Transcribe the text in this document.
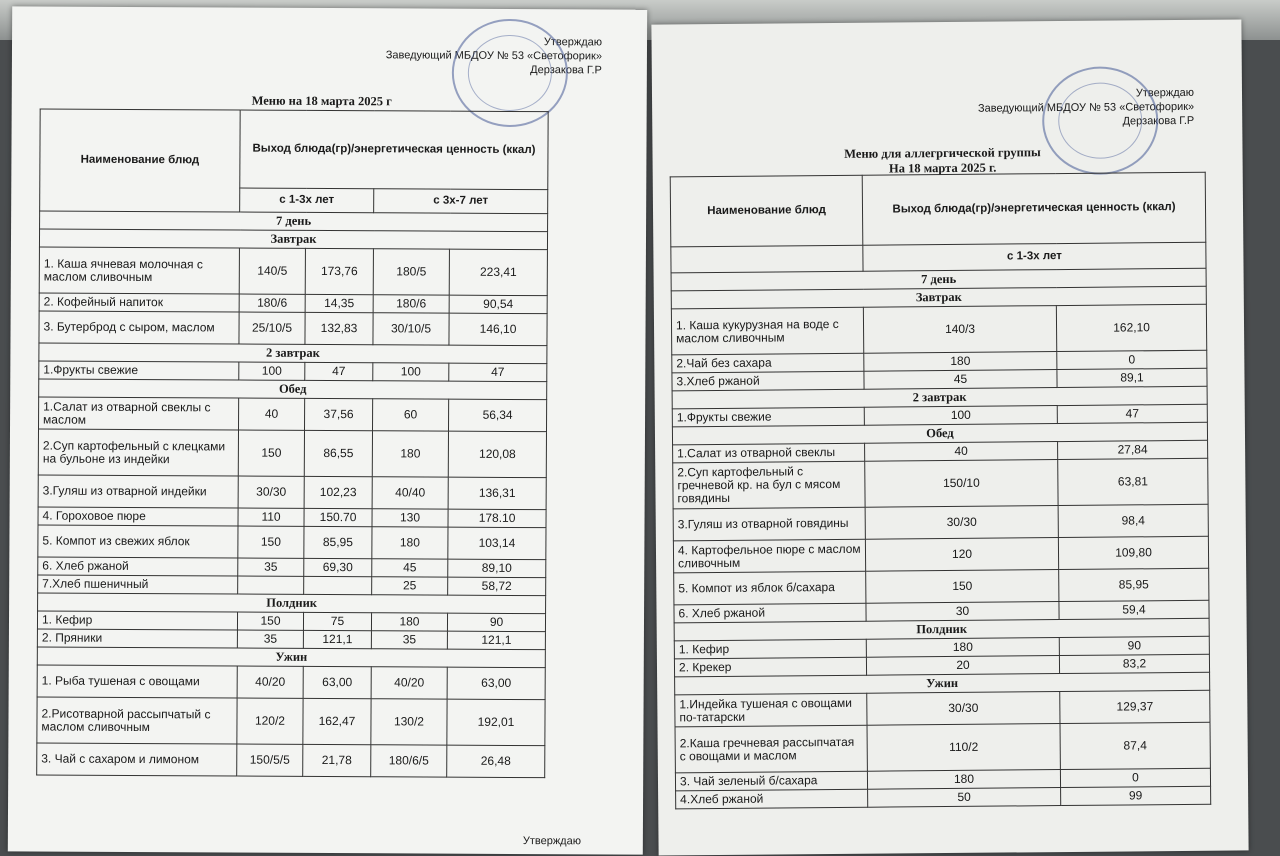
Утверждаю
Заведующий МБДОУ № 53 «Светофорик»
Дерзакова Г.Р
Меню на 18 марта 2025 г
Наименование блюд	Выход блюда(гр)/энергетическая ценность (ккал)			
	с 1-3х лет		с 3х-7 лет	
7 день				
Завтрак				
1. Каша ячневая молочная с маслом сливочным	140/5	173,76	180/5	223,41
2. Кофейный напиток	180/6	14,35	180/6	90,54
3. Бутерброд с сыром, маслом	25/10/5	132,83	30/10/5	146,10
2 завтрак				
1.Фрукты свежие	100	47	100	47
Обед				
1.Салат из отварной свеклы с маслом	40	37,56	60	56,34
2.Суп картофельный с клецками на бульоне из индейки	150	86,55	180	120,08
3.Гуляш из отварной индейки	30/30	102,23	40/40	136,31
4. Гороховое пюре	110	150.70	130	178.10
5. Компот из свежих яблок	150	85,95	180	103,14
6. Хлеб ржаной	35	69,30	45	89,10
7.Хлеб пшеничный			25	58,72
Полдник				
1. Кефир	150	75	180	90
2. Пряники	35	121,1	35	121,1
Ужин				
1. Рыба тушеная с овощами	40/20	63,00	40/20	63,00
2.Рисотварной рассыпчатый с маслом сливочным	120/2	162,47	130/2	192,01
3. Чай с сахаром и лимоном	150/5/5	21,78	180/6/5	26,48
Утверждаю
Утверждаю
Заведующий МБДОУ № 53 «Светофорик»
Дерзакова Г.Р
Меню для аллегргической группы
На 18 марта 2025 г.
Наименование блюд	Выход блюда(гр)/энергетическая ценность (ккал)	
	с 1-3х лет	
7 день		
Завтрак		
1. Каша кукурузная на воде с маслом сливочным	140/3	162,10
2.Чай без сахара	180	0
3.Хлеб ржаной	45	89,1
2 завтрак		
1.Фрукты свежие	100	47
Обед		
1.Салат из отварной свеклы	40	27,84
2.Суп картофельный с гречневой кр. на бул с мясом говядины	150/10	63,81
3.Гуляш из отварной говядины	30/30	98,4
4. Картофельное пюре с маслом сливочным	120	109,80
5. Компот из яблок б/сахара	150	85,95
6. Хлеб ржаной	30	59,4
Полдник		
1. Кефир	180	90
2. Крекер	20	83,2
Ужин		
1.Индейка тушеная с овощами по-татарски	30/30	129,37
2.Каша гречневая рассыпчатая с овощами и маслом	110/2	87,4
3. Чай зеленый б/сахара	180	0
4.Хлеб ржаной	50	99
